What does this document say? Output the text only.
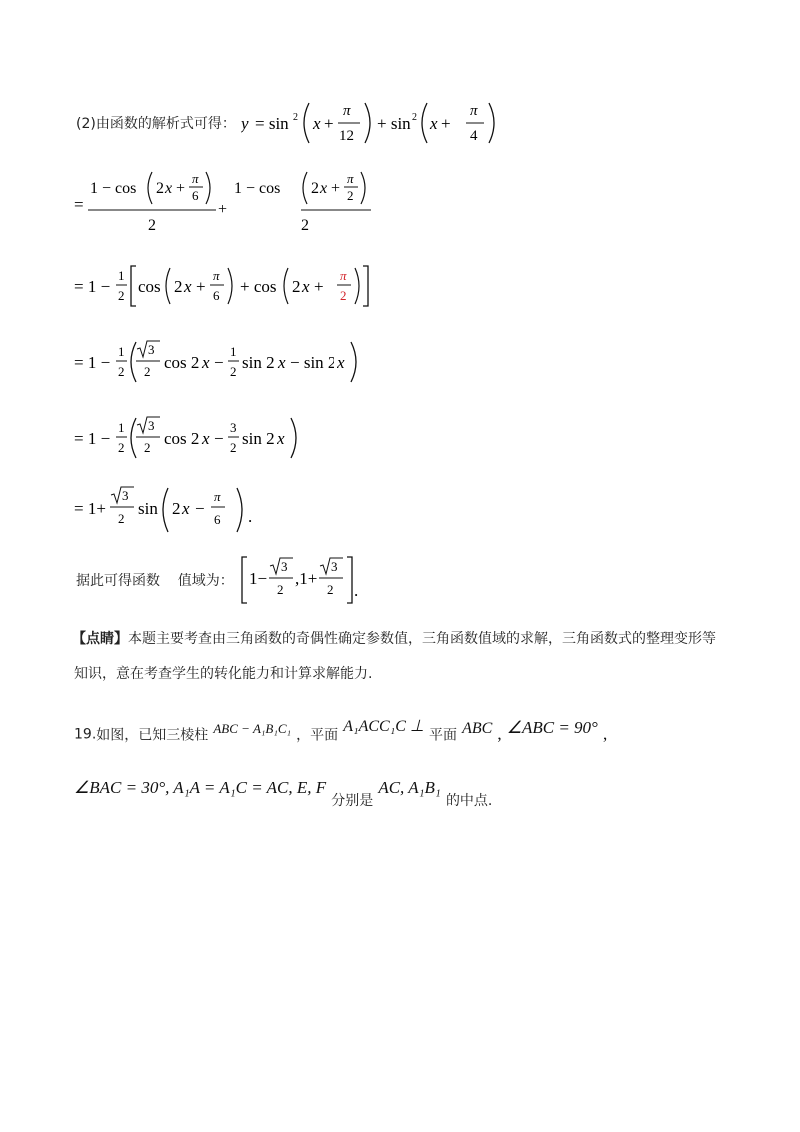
(2)由函数的解析式可得： y = sin 2 x +
π
12
+ sin 2 x +

π
4
=
1 − cos 2 x +
π
6
2
+
1 − cos
2 x +
π
2
2
= 1 −
1
2 cos 2 x +
π
6 + cos 2 x +

π
2
= 1 −
1
2
3
2 cos 2 x −
1
2 sin 2 x − sin 2
x
= 1 −
1
2
3
2 cos 2 x −
3
2 sin 2
x
= 1+
3
2
sin 2 x −
π
6
.
据此可得函数    值域为： 1−
3
2
,1+
3
2 .
【点睛】本题主要考查由三角函数的奇偶性确定参数值，三角函数值域的求解，三角函数式的整理变形等
知识，意在考查学生的转化能力和计算求解能力.
19.如图，已知三棱柱 $^{ABC - A_1B_1C_1}$ ，平面 A₁ACC₁C ⊥ 平面 ABC , ∠ABC = 90° ,
∠BAC = 30°, A₁A = A₁C = AC, E, F 分别是 AC, A₁B₁ 的中点.
